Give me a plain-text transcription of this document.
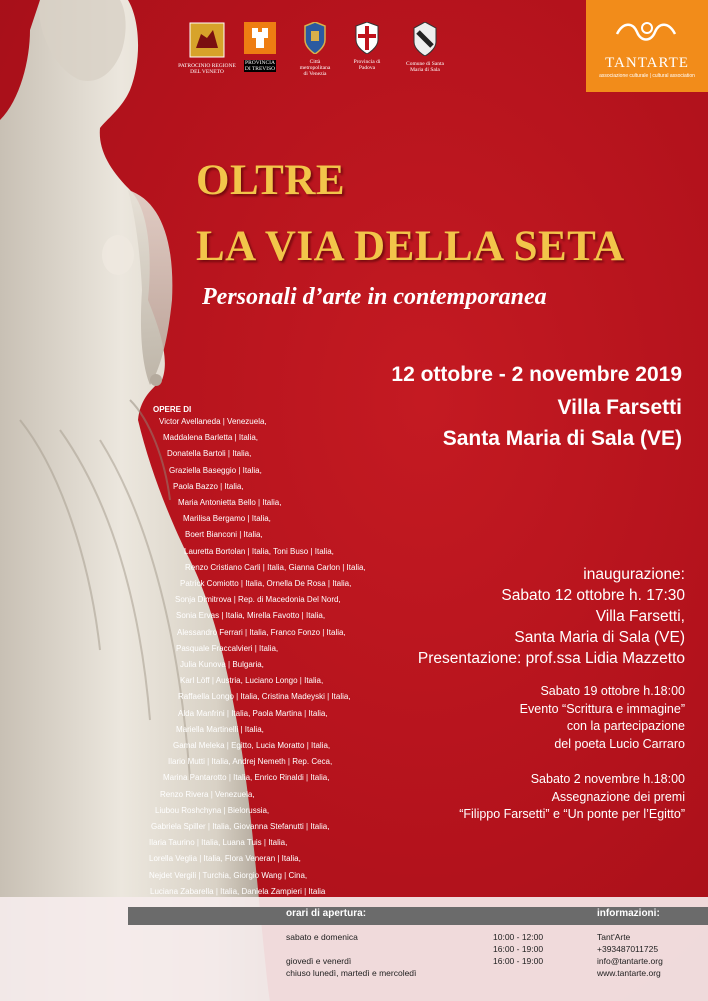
PATROCINIO REGIONE DEL VENETO
PROVINCIA DI TREVISO
Città metropolitana di Venezia
Provincia di Padova
Comune di Santa Maria di Sala	TANTARTE
associazione culturale | cultural association
OLTRE
LA VIA DELLA SETA
Personali d’arte in contemporanea
12 ottobre - 2 novembre 2019
Villa Farsetti
Santa Maria di Sala (VE)
OPERE DI
Victor Avellaneda | Venezuela,
Maddalena Barletta | Italia,
Donatella Bartoli | Italia,
Graziella Baseggio | Italia,
Paola Bazzo | Italia,
Maria Antonietta Bello | Italia,
Marilisa Bergamo | Italia,
Boert Bianconi | Italia,
Lauretta Bortolan | Italia, Toni Buso | Italia,
Renzo Cristiano Carli | Italia, Gianna Carlon | Italia,
Patrick Comiotto | Italia, Ornella De Rosa | Italia,
Sonja Dimitrova | Rep. di Macedonia Del Nord,
Sonia Ervas | Italia, Mirella Favotto | Italia,
Alessandro Ferrari | Italia, Franco Fonzo | Italia,
Pasquale Fraccalvieri | Italia,
Julia Kunova | Bulgaria,
Karl Löff | Austria, Luciano Longo | Italia,
Raffaella Longo | Italia, Cristina Madeyski | Italia,
Alda Manfrini | Italia, Paola Martina | Italia,
Mariella Martinelli | Italia,
Gamal Meleka | Egitto, Lucia Moratto | Italia,
Ilario Mutti | Italia, Andrej Nemeth | Rep. Ceca,
Marina Pantarotto | Italia, Enrico Rinaldi | Italia,
Renzo Rivera | Venezuela,
Liubou Roshchyna | Bielorussia,
Gabriela Spiller | Italia, Giovanna Stefanutti | Italia,
Ilaria Taurino | Italia, Luana Tuis | Italia,
Lorella Veglia | Italia, Flora Veneran | Italia,
Nejdet Vergili | Turchia, Giorgio Wang | Cina,
Luciana Zabarella | Italia, Daniela Zampieri | Italia
inaugurazione:
Sabato 12 ottobre h. 17:30
Villa Farsetti,
Santa Maria di Sala (VE)
Presentazione: prof.ssa Lidia Mazzetto
Sabato 19 ottobre h.18:00
Evento “Scrittura e immagine”
con la partecipazione
del poeta Lucio Carraro
Sabato 2 novembre h.18:00
Assegnazione dei premi
“Filippo Farsetti” e “Un ponte per l’Egitto”
orari di apertura:	informazioni:
sabato e domenica
giovedì e venerdì
chiuso lunedì, martedì e mercoledì
10:00 - 12:00
16:00 - 19:00
16:00 - 19:00
Tant'Arte
+393487011725
info@tantarte.org
www.tantarte.org
